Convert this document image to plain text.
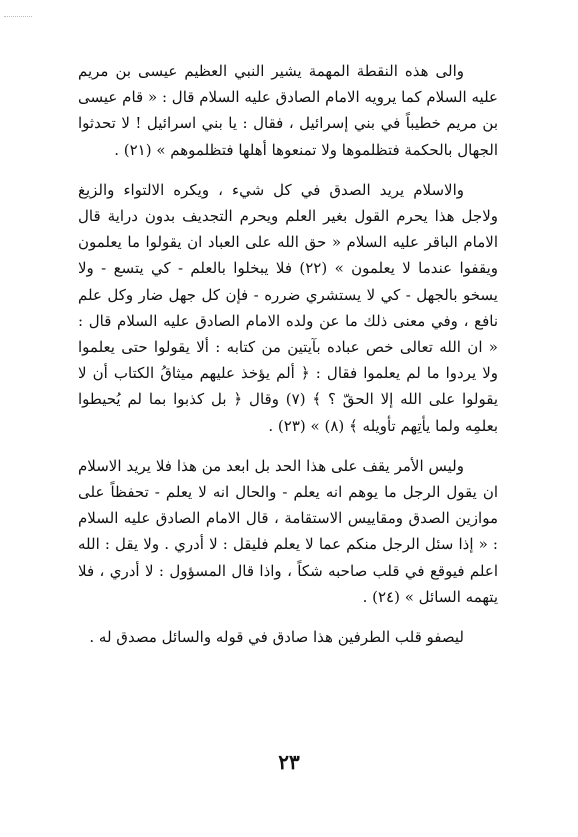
والى هذه النقطة المهمة يشير النبي العظيم عيسى بن مريم عليه السلام كما يرويه الامام الصادق عليه السلام قال : « قام عيسى بن مريم خطيباً في بني إسرائيل ، فقال : يا بني اسرائيل ! لا تحدثوا الجهال بالحكمة فتظلموها ولا تمنعوها أهلها فتظلموهم » (٢١) .

والاسلام يريد الصدق في كل شيء ، ويكره الالتواء والزيغ ولاجل هذا يحرم القول بغير العلم ويحرم التجديف بدون دراية قال الامام الباقر عليه السلام « حق الله على العباد ان يقولوا ما يعلمون ويقفوا عندما لا يعلمون » (٢٢) فلا يبخلوا بالعلم - كي يتسع - ولا يسخو بالجهل - كي لا يستشري ضرره - فإن كل جهل ضار وكل علم نافع ، وفي معنى ذلك ما عن ولده الامام الصادق عليه السلام قال : « ان الله تعالى خص عباده بآيتين من كتابه : ألا يقولوا حتى يعلموا ولا يردوا ما لم يعلموا فقال : ﴿ ألم يؤخذ عليهم ميثاقُ الكتاب أن لا يقولوا على الله إلا الحقّ ؟ ﴾ (٧) وقال ﴿ بل كذبوا بما لم يُحيطوا بعلمِه ولما يأتِهم تأويله ﴾ (٨) » (٢٣) .

وليس الأمر يقف على هذا الحد بل ابعد من هذا فلا يريد الاسلام ان يقول الرجل ما يوهم انه يعلم - والحال انه لا يعلم - تحفظاً على موازين الصدق ومقاييس الاستقامة ، قال الامام الصادق عليه السلام : « إذا سئل الرجل منكم عما لا يعلم فليقل : لا أدري . ولا يقل : الله اعلم فيوقع في قلب صاحبه شكاً ، واذا قال المسؤول : لا أدري ، فلا يتهمه السائل » (٢٤) .

ليصفو قلب الطرفين هذا صادق في قوله والسائل مصدق له .

٢٣
